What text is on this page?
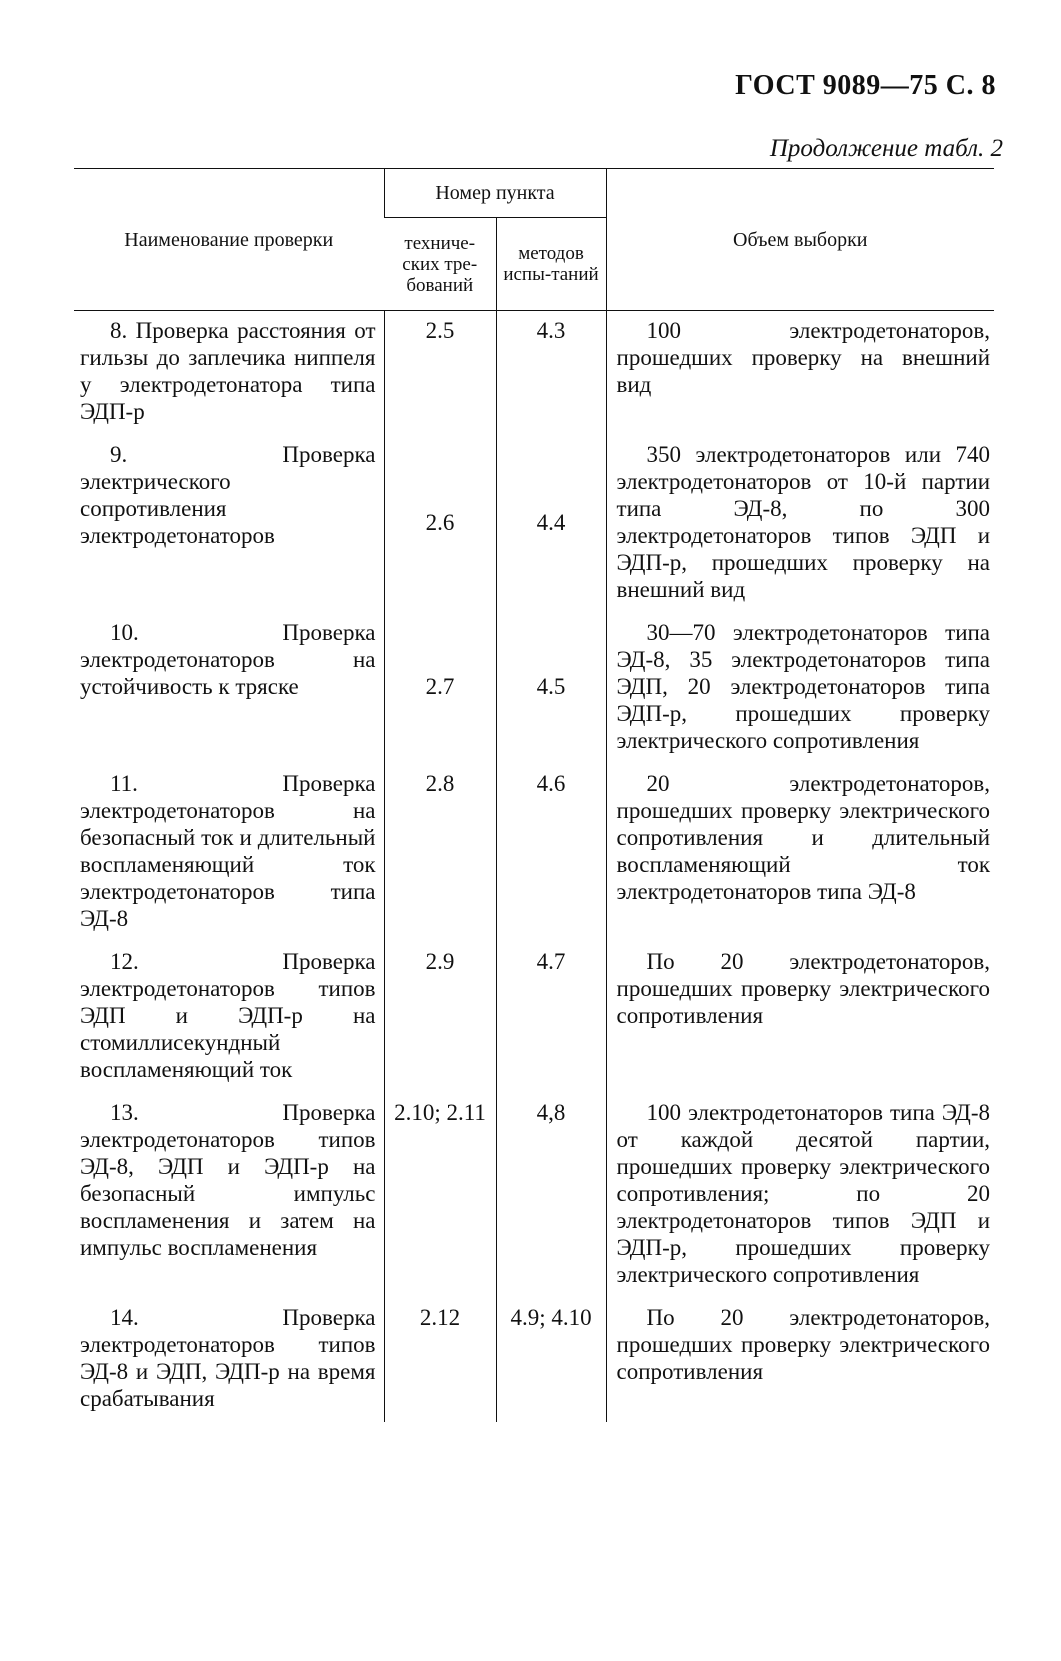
ГОСТ 9089—75 С. 8
Продолжение табл. 2
Наименование проверки	Номер пункта		Объем выборки
	техниче-ских тре-бований	методов испы-таний	
8. Проверка расстояния от гильзы до заплечика ниппеля у электродетонатора типа ЭДП-р	2.5	4.3	100 электродетонаторов, прошедших проверку на внешний вид
9. Проверка электрического сопротивления электродетонаторов	2.6	4.4	350 электродетонаторов или 740 электродетонаторов от 10-й партии типа ЭД-8, по 300 электродетонаторов типов ЭДП и ЭДП-р, прошедших проверку на внешний вид
10. Проверка электродетонаторов на устойчивость к тряске	2.7	4.5	30—70 электродетонаторов типа ЭД-8, 35 электродетонаторов типа ЭДП, 20 электродетонаторов типа ЭДП-р, прошедших проверку электрического сопротивления
11. Проверка электродетонаторов на безопасный ток и длительный воспламеняющий ток электродетонаторов типа ЭД-8	2.8	4.6	20 электродетонаторов, прошедших проверку электрического сопротивления и длительный воспламеняющий ток электродетонаторов типа ЭД-8
12. Проверка электродетонаторов типов ЭДП и ЭДП-р на стомиллисекундный воспламеняющий ток	2.9	4.7	По 20 электродетонаторов, прошедших проверку электрического сопротивления
13. Проверка электродетонаторов типов ЭД-8, ЭДП и ЭДП-р на безопасный импульс воспламенения и затем на импульс воспламенения	2.10; 2.11	4,8	100 электродетонаторов типа ЭД-8 от каждой десятой партии, прошедших проверку электрического сопротивления; по 20 электродетонаторов типов ЭДП и ЭДП-р, прошедших проверку электрического сопротивления
14. Проверка электродетонаторов типов ЭД-8 и ЭДП, ЭДП-р на время срабатывания	2.12	4.9; 4.10	По 20 электродетонаторов, прошедших проверку электрического сопротивления
